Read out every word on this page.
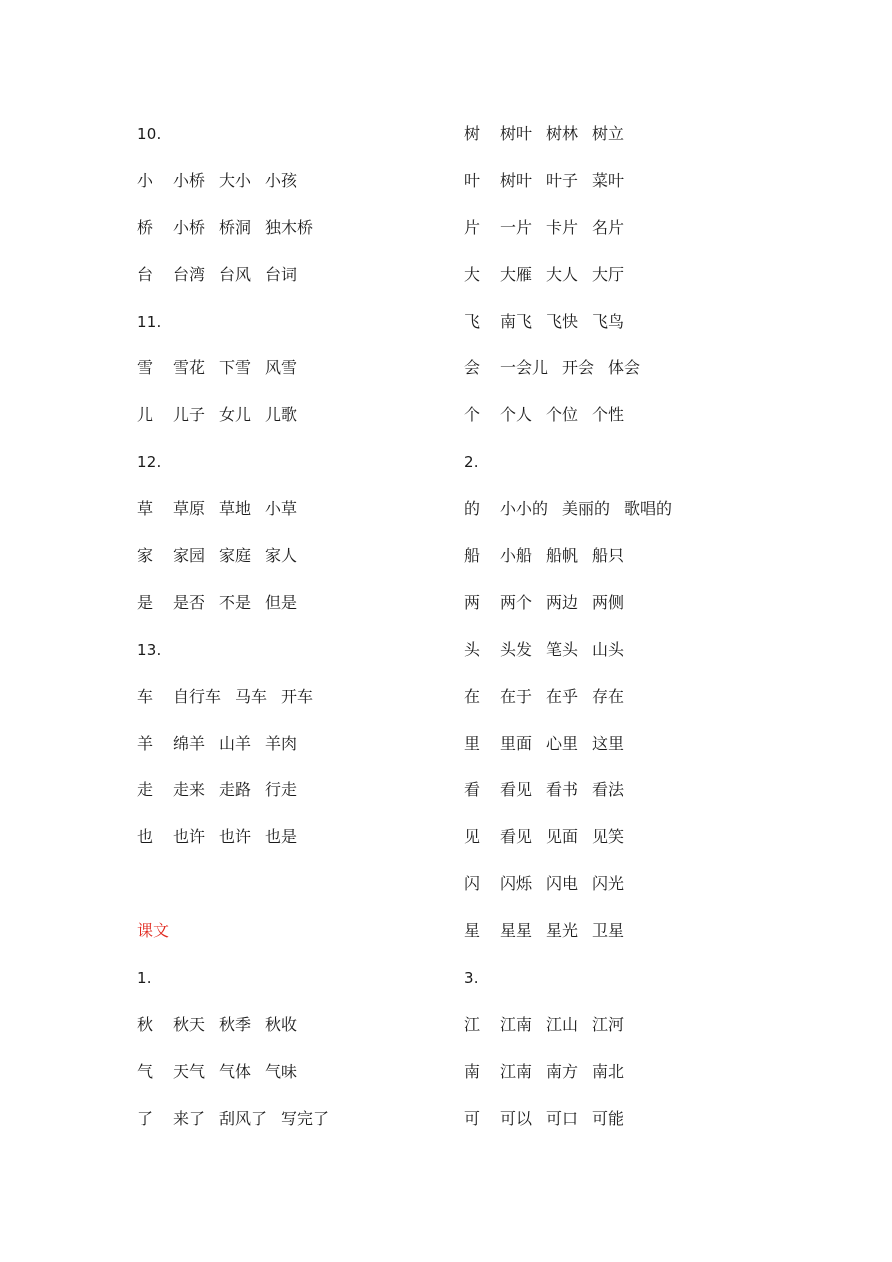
10.
小 小桥 大小 小孩
桥 小桥 桥洞 独木桥
台 台湾 台风 台词
11.
雪 雪花 下雪 风雪
儿 儿子 女儿 儿歌
12.
草 草原 草地 小草
家 家园 家庭 家人
是 是否 不是 但是
13.
车 自行车 马车 开车
羊 绵羊 山羊 羊肉
走 走来 走路 行走
也 也许 也许 也是
课文
1.
秋 秋天 秋季 秋收
气 天气 气体 气味
了 来了 刮风了 写完了
树 树叶 树林 树立
叶 树叶 叶子 菜叶
片 一片 卡片 名片
大 大雁 大人 大厅
飞 南飞 飞快 飞鸟
会 一会儿 开会 体会
个 个人 个位 个性
2.
的 小小的 美丽的 歌唱的
船 小船 船帆 船只
两 两个 两边 两侧
头 头发 笔头 山头
在 在于 在乎 存在
里 里面 心里 这里
看 看见 看书 看法
见 看见 见面 见笑
闪 闪烁 闪电 闪光
星 星星 星光 卫星
3.
江 江南 江山 江河
南 江南 南方 南北
可 可以 可口 可能
